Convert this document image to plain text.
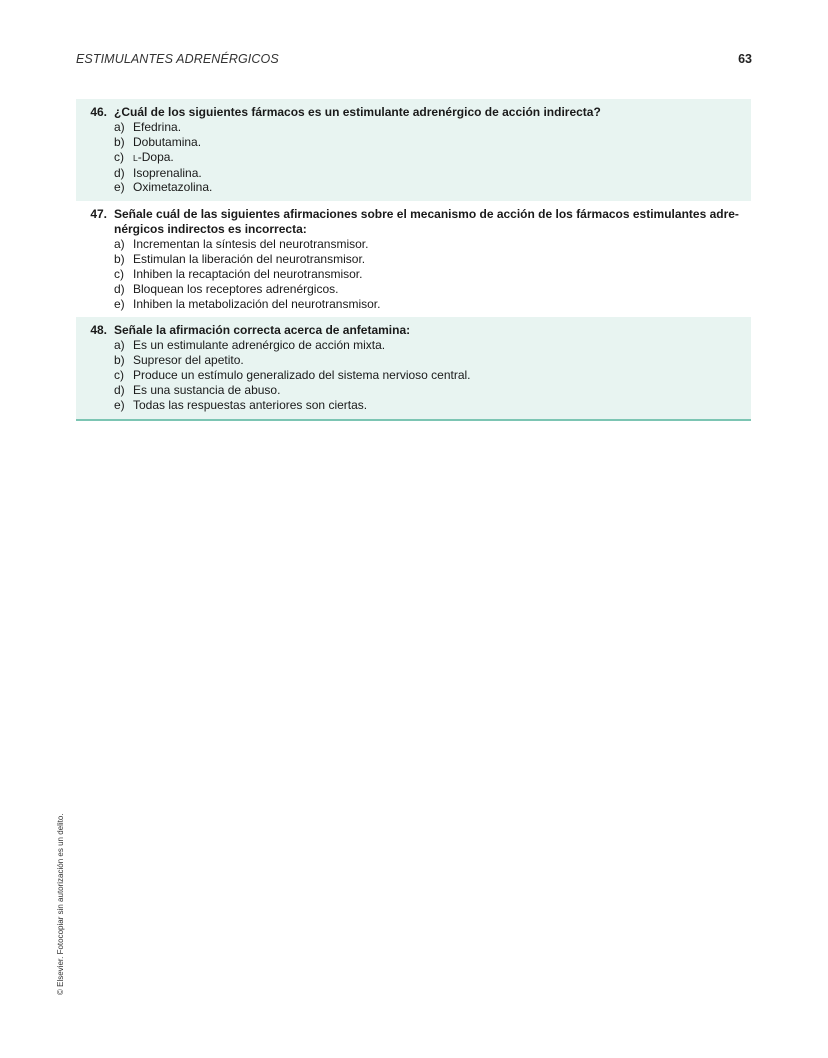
ESTIMULANTES ADRENÉRGICOS	63
46. ¿Cuál de los siguientes fármacos es un estimulante adrenérgico de acción indirecta?
a) Efedrina.
b) Dobutamina.
c)	L-Dopa.
d) Isoprenalina.
e) Oximetazolina.
47. Señale cuál de las siguientes afirmaciones sobre el mecanismo de acción de los fármacos estimulantes adre-
nérgicos indirectos es incorrecta:
a) Incrementan la síntesis del neurotransmisor.
b) Estimulan la liberación del neurotransmisor.
c) Inhiben la recaptación del neurotransmisor.
d) Bloquean los receptores adrenérgicos.
e) Inhiben la metabolización del neurotransmisor.
48. Señale la afirmación correcta acerca de anfetamina:
a) Es un estimulante adrenérgico de acción mixta.
b) Supresor del apetito.
c) Produce un estímulo generalizado del sistema nervioso central.
d) Es una sustancia de abuso.
e) Todas las respuestas anteriores son ciertas.
© Elsevier. Fotocopiar sin autorización es un delito.
